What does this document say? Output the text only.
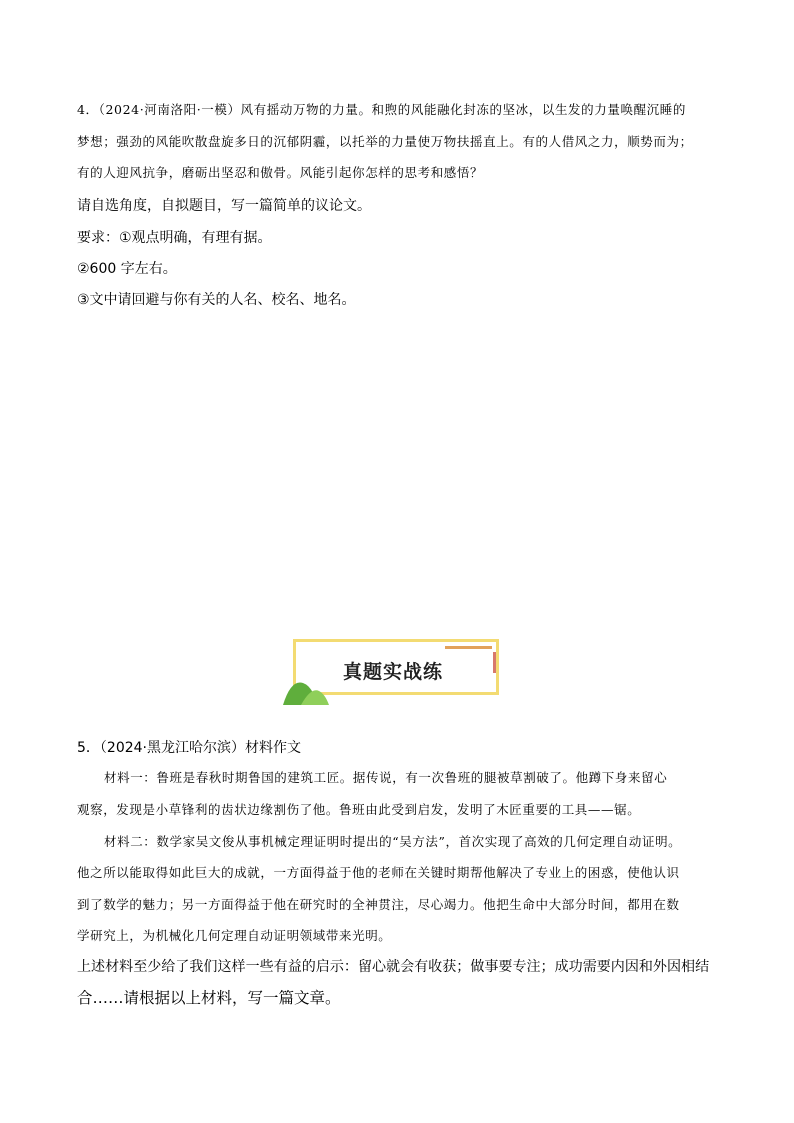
4．（2024·河南洛阳·一模）风有摇动万物的力量。和煦的风能融化封冻的坚冰，以生发的力量唤醒沉睡的
梦想；强劲的风能吹散盘旋多日的沉郁阴霾，以托举的力量使万物扶摇直上。有的人借风之力，顺势而为；
有的人迎风抗争，磨砺出坚忍和傲骨。风能引起你怎样的思考和感悟？
请自选角度，自拟题目，写一篇简单的议论文。
要求：①观点明确，有理有据。
②600 字左右。
③文中请回避与你有关的人名、校名、地名。
真题实战练
5．（2024·黑龙江哈尔滨）材料作文
材料一：鲁班是春秋时期鲁国的建筑工匠。据传说，有一次鲁班的腿被草割破了。他蹲下身来留心
观察，发现是小草锋利的齿状边缘割伤了他。鲁班由此受到启发，发明了木匠重要的工具——锯。
材料二：数学家吴文俊从事机械定理证明时提出的“吴方法”，首次实现了高效的几何定理自动证明。
他之所以能取得如此巨大的成就，一方面得益于他的老师在关键时期帮他解决了专业上的困惑，使他认识
到了数学的魅力；另一方面得益于他在研究时的全神贯注，尽心竭力。他把生命中大部分时间，都用在数
学研究上，为机械化几何定理自动证明领域带来光明。
上述材料至少给了我们这样一些有益的启示：留心就会有收获；做事要专注；成功需要内因和外因相结
合……请根据以上材料，写一篇文章。
